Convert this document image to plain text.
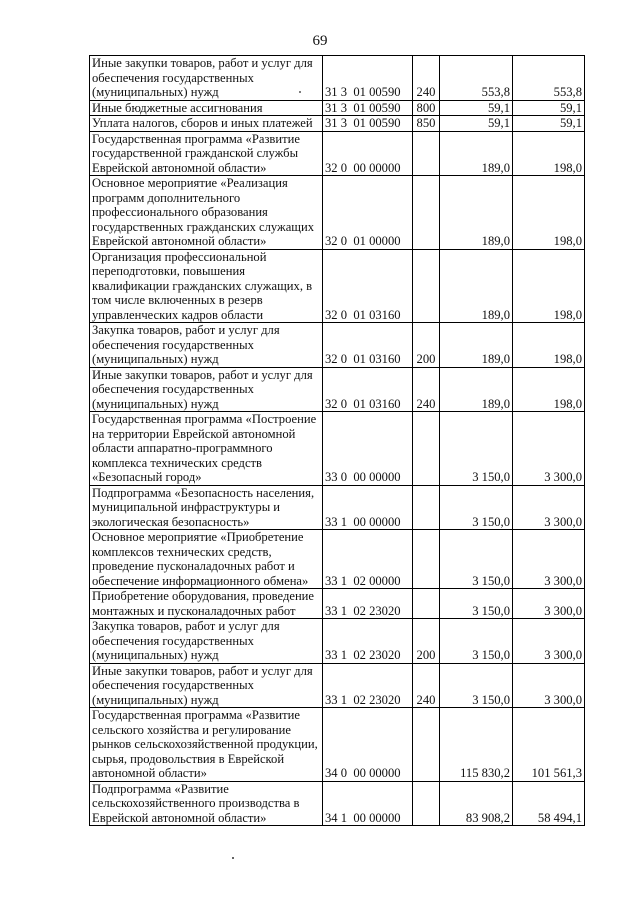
69
Иные закупки товаров, работ и услуг для обеспечения государственных (муниципальных) нужд	31 3  01 00590	240	553,8	553,8
Иные бюджетные ассигнования	31 3  01 00590	800	59,1	59,1
Уплата налогов, сборов и иных платежей	31 3  01 00590	850	59,1	59,1
Государственная программа «Развитие государственной гражданской службы Еврейской автономной области»	32 0  00 00000		189,0	198,0
Основное мероприятие «Реализация программ дополнительного профессионального образования государственных гражданских служащих Еврейской автономной области»	32 0  01 00000		189,0	198,0
Организация профессиональной переподготовки, повышения квалификации гражданских служащих, в том числе включенных в резерв управленческих кадров области	32 0  01 03160		189,0	198,0
Закупка товаров, работ и услуг для обеспечения государственных (муниципальных) нужд	32 0  01 03160	200	189,0	198,0
Иные закупки товаров, работ и услуг для обеспечения государственных (муниципальных) нужд	32 0  01 03160	240	189,0	198,0
Государственная программа «Построение на территории Еврейской автономной области аппаратно-программного комплекса технических средств «Безопасный город»	33 0  00 00000		3 150,0	3 300,0
Подпрограмма «Безопасность населения, муниципальной инфраструктуры и экологическая безопасность»	33 1  00 00000		3 150,0	3 300,0
Основное мероприятие «Приобретение комплексов технических средств, проведение пусконаладочных работ и обеспечение информационного обмена»	33 1  02 00000		3 150,0	3 300,0
Приобретение оборудования, проведение монтажных и пусконаладочных работ	33 1  02 23020		3 150,0	3 300,0
Закупка товаров, работ и услуг для обеспечения государственных (муниципальных) нужд	33 1  02 23020	200	3 150,0	3 300,0
Иные закупки товаров, работ и услуг для обеспечения государственных (муниципальных) нужд	33 1  02 23020	240	3 150,0	3 300,0
Государственная программа «Развитие сельского хозяйства и регулирование рынков сельскохозяйственной продукции, сырья, продовольствия в Еврейской автономной области»	34 0  00 00000		115 830,2	101 561,3
Подпрограмма «Развитие сельскохозяйственного производства в Еврейской автономной области»	34 1  00 00000		83 908,2	58 494,1
